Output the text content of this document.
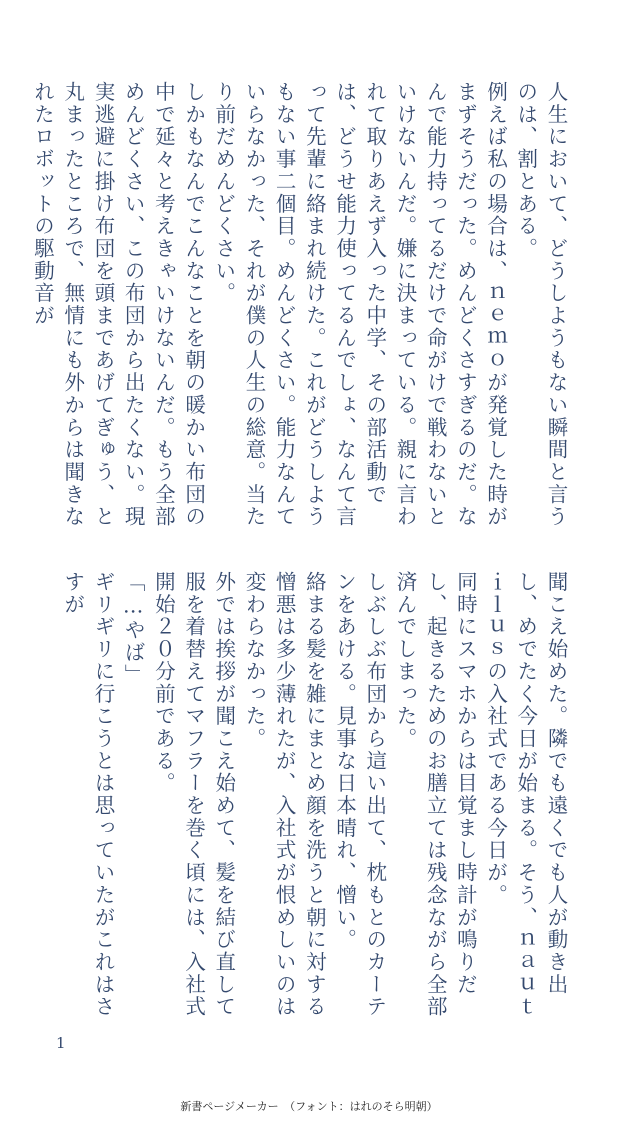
人生において、どうしようもない瞬間と言うのは、割とある。

例えば私の場合は、ｎｅｍｏが発覚した時がまずそうだった。めんどくさすぎるのだ。なんで能力持ってるだけで命がけで戦わないといけないんだ。嫌に決まっている。親に言われて取りあえず入った中学、その部活動では、どうせ能力使ってるんでしょ、なんて言って先輩に絡まれ続けた。これがどうしようもない事二個目。めんどくさい。能力なんていらなかった、それが僕の人生の総意。当たり前だめんどくさい。

しかもなんでこんなことを朝の暖かい布団の中で延々と考えきゃいけないんだ。もう全部めんどくさい、この布団から出たくない。現実逃避に掛け布団を頭まであげてぎゅう、と丸まったところで、無情にも外からは聞きなれたロボットの駆動音が

聞こえ始めた。隣でも遠くでも人が動き出し、めでたく今日が始まる。そう、ｎａｕｔｉｌｕｓの入社式である今日が。

同時にスマホからは目覚まし時計が鳴りだし、起きるためのお膳立ては残念ながら全部済んでしまった。

しぶしぶ布団から這い出て、枕もとのカーテンをあける。見事な日本晴れ、憎い。

絡まる髪を雑にまとめ顔を洗うと朝に対する憎悪は多少薄れたが、入社式が恨めしいのは変わらなかった。

外では挨拶が聞こえ始めて、髪を結び直して服を着替えてマフラーを巻く頃には、入社式開始２０分前である。

「…やば」

ギリギリに行こうとは思っていたがこれはさすが

1
新書ページメーカー　（フォント：はれのそら明朝）
